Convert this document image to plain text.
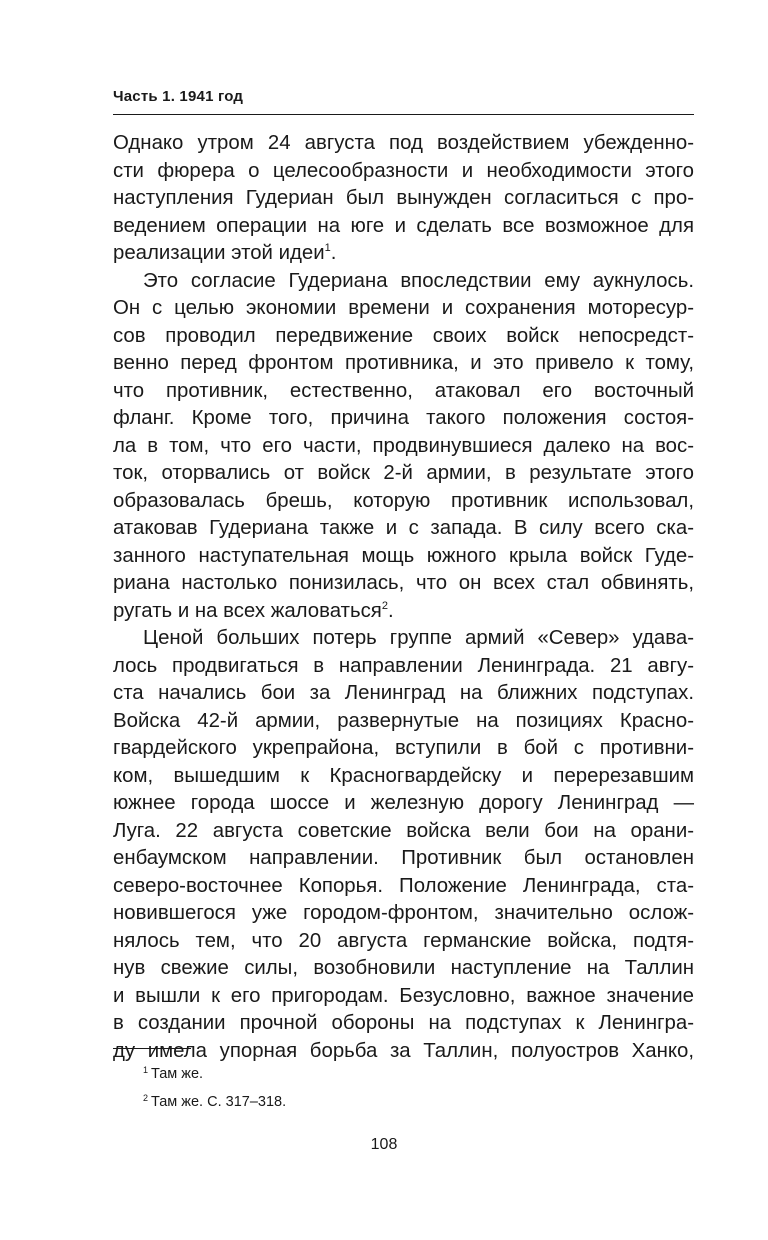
Часть 1. 1941 год
Однако утром 24 августа под воздействием убежденно-
сти фюрера о целесообразности и необходимости этого
наступления Гудериан был вынужден согласиться с про-
ведением операции на юге и сделать все возможное для
реализации этой идеи$^1$.
Это согласие Гудериана впоследствии ему аукнулось.
Он с целью экономии времени и сохранения моторесур-
сов проводил передвижение своих войск непосредст-
венно перед фронтом противника, и это привело к тому,
что противник, естественно, атаковал его восточный
фланг. Кроме того, причина такого положения состоя-
ла в том, что его части, продвинувшиеся далеко на вос-
ток, оторвались от войск 2-й армии, в результате этого
образовалась брешь, которую противник использовал,
атаковав Гудериана также и с запада. В силу всего ска-
занного наступательная мощь южного крыла войск Гуде-
риана настолько понизилась, что он всех стал обвинять,
ругать и на всех жаловаться$^2$.
Ценой больших потерь группе армий «Север» удава-
лось продвигаться в направлении Ленинграда. 21 авгу-
ста начались бои за Ленинград на ближних подступах.
Войска 42-й армии, развернутые на позициях Красно-
гвардейского укрепрайона, вступили в бой с противни-
ком, вышедшим к Красногвардейску и перерезавшим
южнее города шоссе и железную дорогу Ленинград —
Луга. 22 августа советские войска вели бои на орани-
енбаумском направлении. Противник был остановлен
северо-восточнее Копорья. Положение Ленинграда, ста-
новившегося уже городом-фронтом, значительно ослож-
нялось тем, что 20 августа германские войска, подтя-
нув свежие силы, возобновили наступление на Таллин
и вышли к его пригородам. Безусловно, важное значение
в создании прочной обороны на подступах к Ленингра-
ду имела упорная борьба за Таллин, полуостров Ханко,
$^1$ Там же.
$^2$ Там же. С. 317–318.
108
